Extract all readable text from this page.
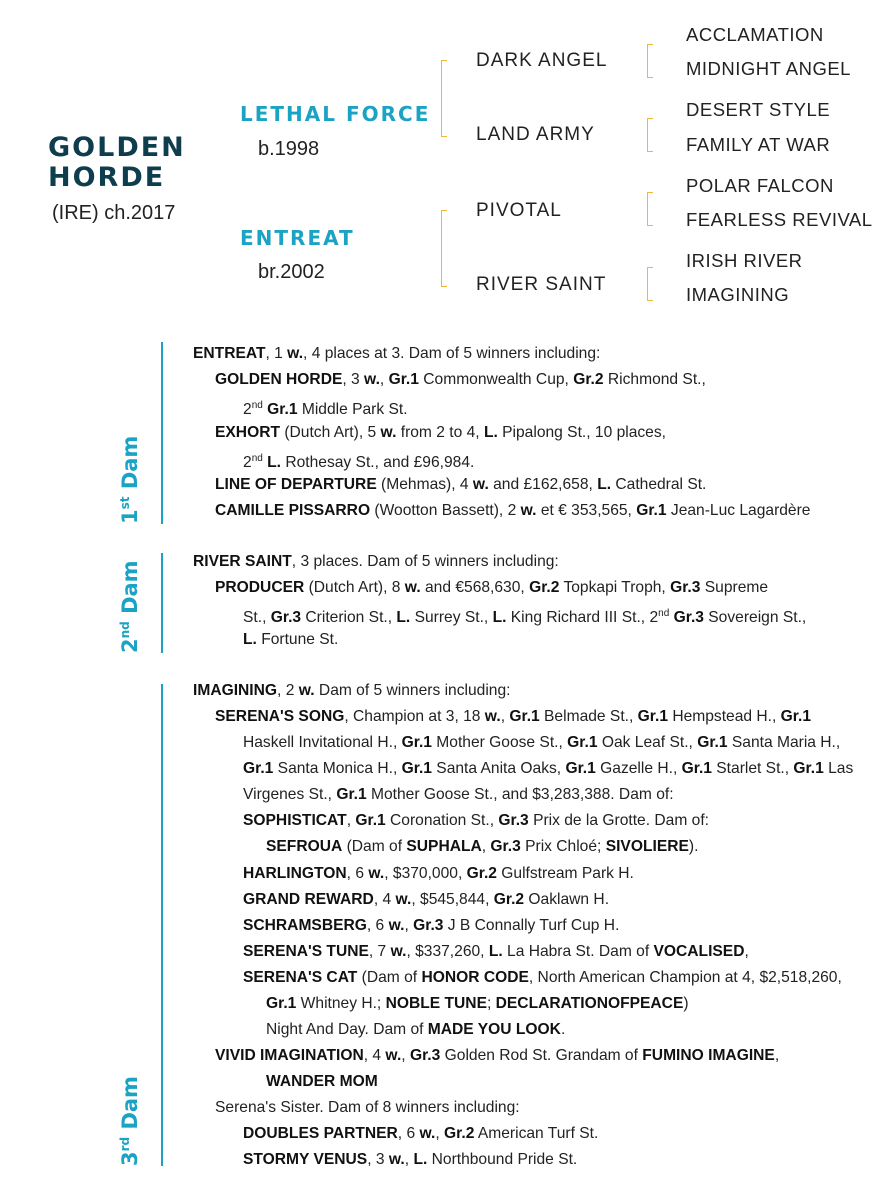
GOLDEN
HORDE
(IRE) ch.2017
LETHAL FORCE
b.1998
ENTREAT
br.2002
DARK ANGEL
LAND ARMY
PIVOTAL
RIVER SAINT
ACCLAMATION
MIDNIGHT ANGEL
DESERT STYLE
FAMILY AT WAR
POLAR FALCON
FEARLESS REVIVAL
IRISH RIVER
IMAGINING
1st Dam
2nd Dam
3rd Dam
ENTREAT, 1 w., 4 places at 3. Dam of 5 winners including:
GOLDEN HORDE, 3 w., Gr.1 Commonwealth Cup, Gr.2 Richmond St.,
2nd Gr.1 Middle Park St.
EXHORT (Dutch Art), 5 w. from 2 to 4, L. Pipalong St., 10 places,
2nd L. Rothesay St., and £96,984.
LINE OF DEPARTURE (Mehmas), 4 w. and £162,658, L. Cathedral St.
CAMILLE PISSARRO (Wootton Bassett), 2 w. et € 353,565, Gr.1 Jean-Luc Lagardère
RIVER SAINT, 3 places. Dam of 5 winners including:
PRODUCER (Dutch Art), 8 w. and €568,630, Gr.2 Topkapi Troph, Gr.3 Supreme
St., Gr.3 Criterion St., L. Surrey St., L. King Richard III St., 2nd Gr.3 Sovereign St.,
L. Fortune St.
IMAGINING, 2 w. Dam of 5 winners including:
SERENA'S SONG, Champion at 3, 18 w., Gr.1 Belmade St., Gr.1 Hempstead H., Gr.1
Haskell Invitational H., Gr.1 Mother Goose St., Gr.1 Oak Leaf St., Gr.1 Santa Maria H.,
Gr.1 Santa Monica H., Gr.1 Santa Anita Oaks, Gr.1 Gazelle H., Gr.1 Starlet St., Gr.1 Las
Virgenes St., Gr.1 Mother Goose St., and $3,283,388. Dam of:
SOPHISTICAT, Gr.1 Coronation St., Gr.3 Prix de la Grotte. Dam of:
SEFROUA (Dam of SUPHALA, Gr.3 Prix Chloé; SIVOLIERE).
HARLINGTON, 6 w., $370,000, Gr.2 Gulfstream Park H.
GRAND REWARD, 4 w., $545,844, Gr.2 Oaklawn H.
SCHRAMSBERG, 6 w., Gr.3 J B Connally Turf Cup H.
SERENA'S TUNE, 7 w., $337,260, L. La Habra St. Dam of VOCALISED,
SERENA'S CAT (Dam of HONOR CODE, North American Champion at 4, $2,518,260,
Gr.1 Whitney H.; NOBLE TUNE; DECLARATIONOFPEACE)
Night And Day. Dam of MADE YOU LOOK.
VIVID IMAGINATION, 4 w., Gr.3 Golden Rod St. Grandam of FUMINO IMAGINE,
WANDER MOM
Serena's Sister. Dam of 8 winners including:
DOUBLES PARTNER, 6 w., Gr.2 American Turf St.
STORMY VENUS, 3 w., L. Northbound Pride St.
